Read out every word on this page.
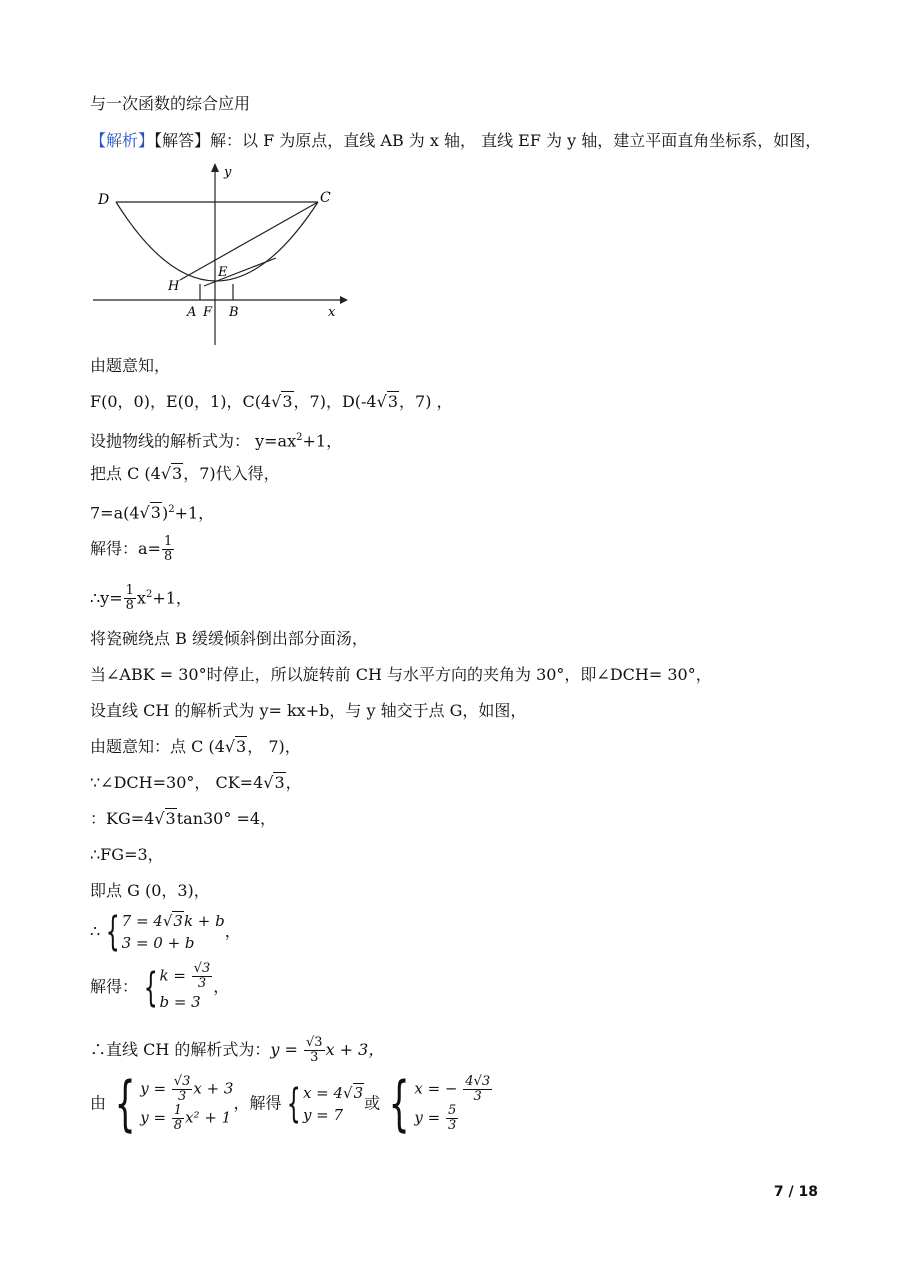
与一次函数的综合应用
【解析】【解答】解：以 F 为原点，直线 AB 为 x 轴， 直线 EF 为 y 轴，建立平面直角坐标系，如图，
D	C
y
E
H
A F B	x
由题意知，
F(0，0)，E(0，1)，C(4√3，7)，D(-4√3，7) ，
设抛物线的解析式为： $y=ax^2+1$，
把点 C (4√3，7)代入得，
$7=a(4√3)^2+1$，
解得：$a= \frac{1}{8}$
∴y= $\frac{1}{8} x^2+1$，
将瓷碗绕点 B 缓缓倾斜倒出部分面汤，
当∠ABK = 30°时停止，所以旋转前 CH 与水平方向的夹角为 30°，即∠DCH= 30°，
设直线 CH 的解析式为 y= kx+b，与 y 轴交于点 G，如图，
由题意知：点 C (4√3， 7)，
∵∠DCH=30°， CK=4√3，
：KG=4√3tan30° =4，
∴FG=3，
即点 G (0，3)，
∴ { 7 = 4√3k + b
3 = 0 + b
，
解得： { $k = \frac{√3}{3}$
b = 3
，
∴直线 CH 的解析式为：$y = \frac{√3}{3}$ x + 3，
由 { $y = \frac{√3}{3}$ x + 3
$y = \frac{1}{8} x^2 + 1$
，解得 { x = 4√3
y = 7
或 { x = − $\frac{4√3}{3}$
$y = \frac{5}{3}$
7 / 18
